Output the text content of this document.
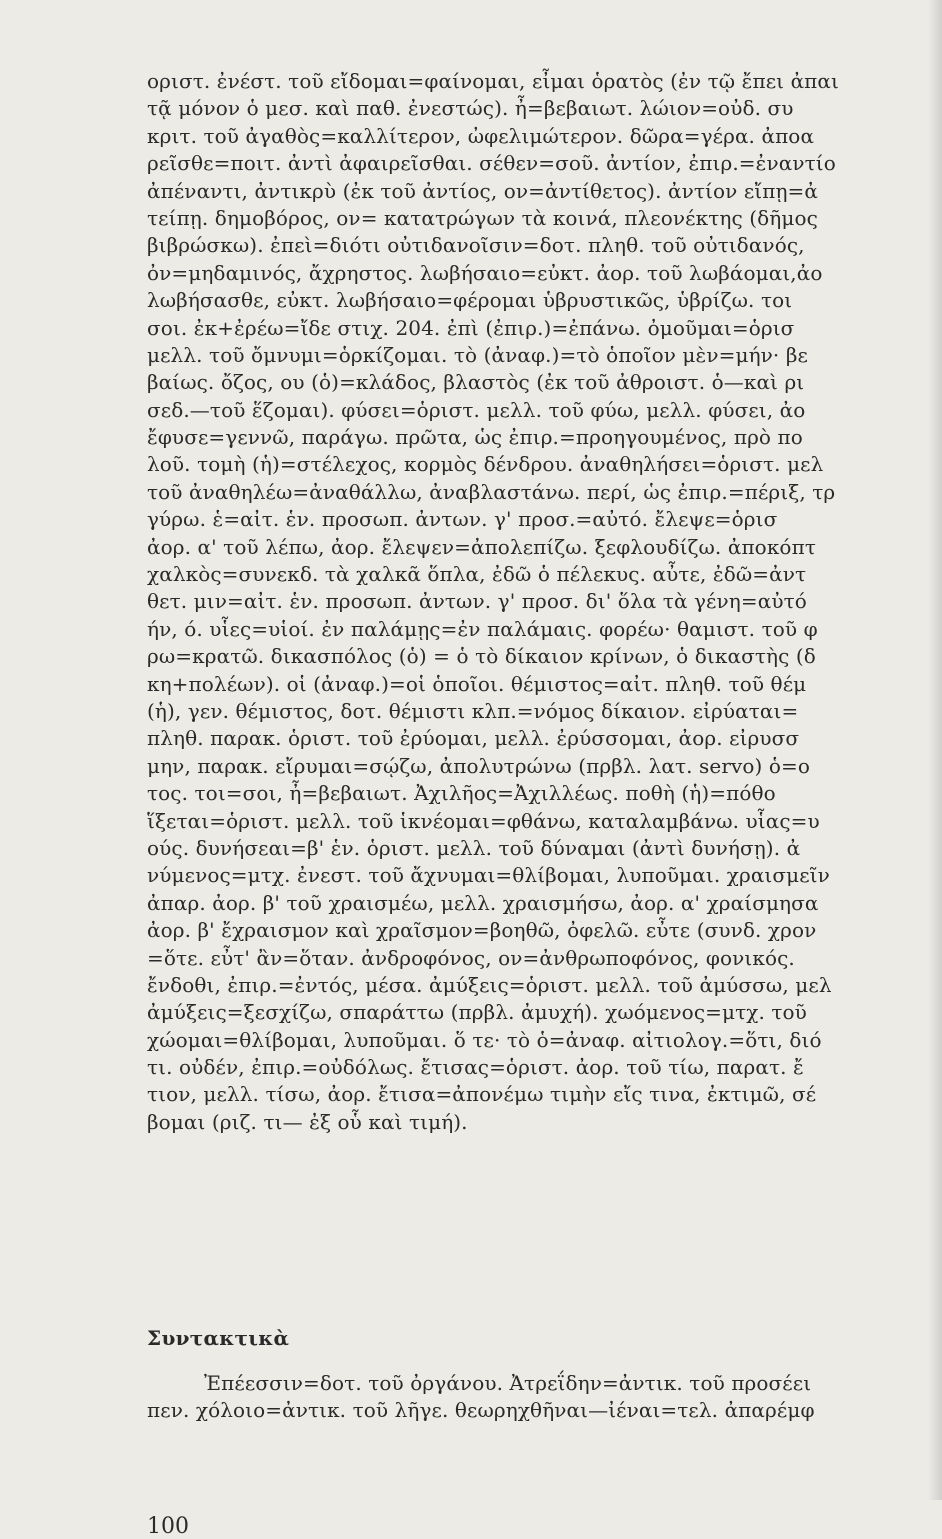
οριστ. ἐνέστ. τοῦ εἴδομαι=φαίνομαι, εἶμαι ὁρατὸς (ἐν τῷ ἔπει ἀπαι
τᾷ μόνον ὁ μεσ. καὶ παθ. ἐνεστώς). ἦ=βεβαιωτ. λώιον=οὐδ. συ
κριτ. τοῦ ἀγαθὸς=καλλίτερον, ὠφελιμώτερον. δῶρα=γέρα. ἀποα
ρεῖσθε=ποιτ. ἀντὶ ἀφαιρεῖσθαι. σέθεν=σοῦ. ἀντίον, ἐπιρ.=ἐναντίο
ἀπέναντι, ἀντικρὺ (ἐκ τοῦ ἀντίος, ον=ἀντίθετος). ἀντίον εἴπῃ=ἀ
τείπῃ. δημοβόρος, ον= κατατρώγων τὰ κοινά, πλεονέκτης (δῆμος
βιβρώσκω). ἐπεὶ=διότι οὐτιδανοῖσιν=δοτ. πληθ. τοῦ οὐτιδανός,
ὀν=μηδαμινός, ἄχρηστος. λωβήσαιο=εὐκτ. ἀορ. τοῦ λωβάομαι,ἀο
λωβήσασθε, εὐκτ. λωβήσαιο=φέρομαι ὑβρυστικῶς, ὑβρίζω. τοι
σοι. ἐκ+ἐρέω=ἴδε στιχ. 204. ἐπὶ (ἐπιρ.)=ἐπάνω. ὀμοῦμαι=ὁρισ
μελλ. τοῦ ὄμνυμι=ὁρκίζομαι. τὸ (ἀναφ.)=τὸ ὁποῖον μὲν=μήν· βε
βαίως. ὄζος, ου (ὁ)=κλάδος, βλαστὸς (ἐκ τοῦ ἀθροιστ. ὁ—καὶ ρι
σεδ.—τοῦ ἕζομαι). φύσει=ὁριστ. μελλ. τοῦ φύω, μελλ. φύσει, ἀο
ἔφυσε=γεννῶ, παράγω. πρῶτα, ὡς ἐπιρ.=προηγουμένος, πρὸ πο
λοῦ. τομὴ (ἡ)=στέλεχος, κορμὸς δένδρου. ἀναθηλήσει=ὁριστ. μελ
τοῦ ἀναθηλέω=ἀναθάλλω, ἀναβλαστάνω. περί, ὡς ἐπιρ.=πέριξ, τρ
γύρω. ἑ=αἰτ. ἑν. προσωπ. ἀντων. γ' προσ.=αὐτό. ἔλεψε=ὁρισ
ἀορ. α' τοῦ λέπω, ἀορ. ἔλεψεν=ἀπολεπίζω. ξεφλουδίζω. ἀποκόπτ
χαλκὸς=συνεκδ. τὰ χαλκᾶ ὅπλα, ἐδῶ ὁ πέλεκυς. αὖτε, ἐδῶ=ἀντ
θετ. μιν=αἰτ. ἑν. προσωπ. ἀντων. γ' προσ. δι' ὅλα τὰ γένη=αὐτό
ήν, ό. υἷες=υἱοί. ἐν παλάμῃς=ἐν παλάμαις. φορέω· θαμιστ. τοῦ φ
ρω=κρατῶ. δικασπόλος (ὁ) = ὁ τὸ δίκαιον κρίνων, ὁ δικαστὴς (δ
κη+πολέων). οἱ (ἀναφ.)=οἱ ὁποῖοι. θέμιστος=αἰτ. πληθ. τοῦ θέμ
(ἡ), γεν. θέμιστος, δοτ. θέμιστι κλπ.=νόμος δίκαιον. εἰρύαται=
πληθ. παρακ. ὁριστ. τοῦ ἐρύομαι, μελλ. ἐρύσσομαι, ἀορ. εἰρυσσ
μην, παρακ. εἴρυμαι=σῴζω, ἀπολυτρώνω (πρβλ. λατ. servo) ὁ=ο
τος. τοι=σοι, ἦ=βεβαιωτ. Ἀχιλῆος=Ἀχιλλέως. ποθὴ (ἡ)=πόθο
ἵξεται=ὁριστ. μελλ. τοῦ ἱκνέομαι=φθάνω, καταλαμβάνω. υἷας=υ
ούς. δυνήσεαι=β' ἑν. ὁριστ. μελλ. τοῦ δύναμαι (ἀντὶ δυνήσῃ). ἀ
νύμενος=μτχ. ἐνεστ. τοῦ ἄχνυμαι=θλίβομαι, λυποῦμαι. χραισμεῖν
ἀπαρ. ἀορ. β' τοῦ χραισμέω, μελλ. χραισμήσω, ἀορ. α' χραίσμησα
ἀορ. β' ἔχραισμον καὶ χραῖσμον=βοηθῶ, ὀφελῶ. εὖτε (συνδ. χρον
=ὅτε. εὖτ' ἂν=ὅταν. ἀνδροφόνος, ον=ἀνθρωποφόνος, φονικός.
ἔνδοθι, ἐπιρ.=ἐντός, μέσα. ἀμύξεις=ὁριστ. μελλ. τοῦ ἀμύσσω, μελ
ἀμύξεις=ξεσχίζω, σπαράττω (πρβλ. ἀμυχή). χωόμενος=μτχ. τοῦ
χώομαι=θλίβομαι, λυποῦμαι. ὅ τε· τὸ ὁ=ἀναφ. αἰτιολογ.=ὅτι, διό
τι. οὐδέν, ἐπιρ.=οὐδόλως. ἔτισας=ὁριστ. ἀορ. τοῦ τίω, παρατ. ἔ
τιον, μελλ. τίσω, ἀορ. ἔτισα=ἀπονέμω τιμὴν εἴς τινα, ἐκτιμῶ, σέ
βομαι (ριζ. τι— ἐξ οὗ καὶ τιμή).
Συντακτικὰ
Ἐπέεσσιν=δοτ. τοῦ ὀργάνου. Ἀτρεΐδην=ἀντικ. τοῦ προσέει
πεν. χόλοιο=ἀντικ. τοῦ λῆγε. θεωρηχθῆναι—ἰέναι=τελ. ἀπαρέμφ
100
